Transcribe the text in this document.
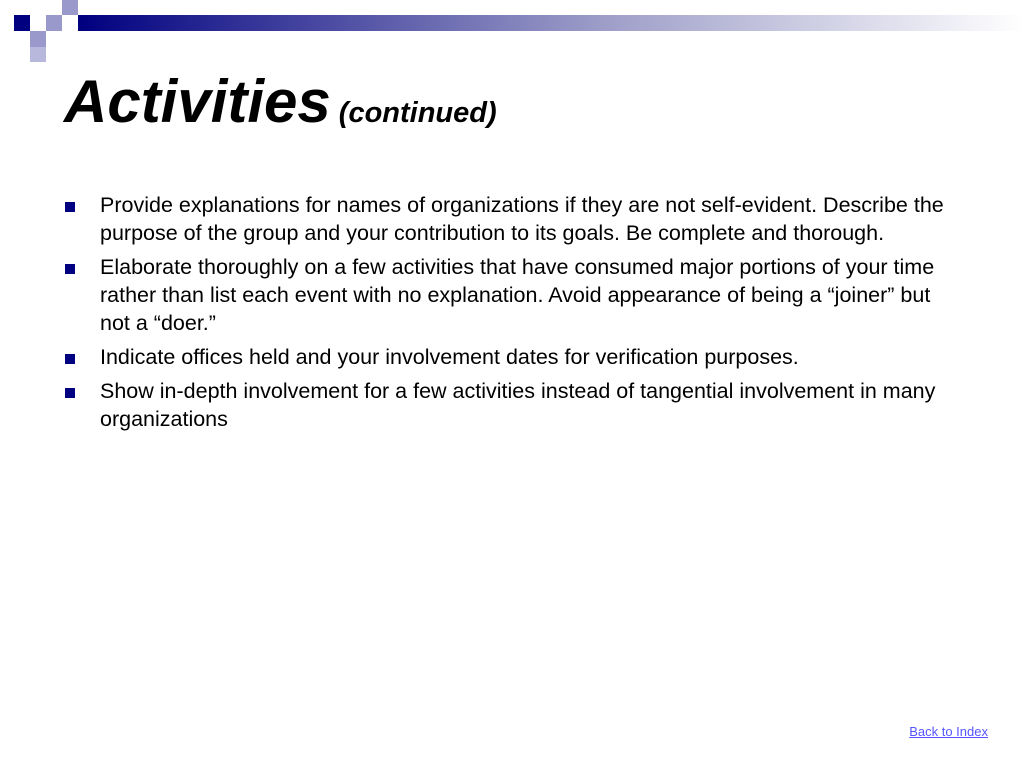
Activities (continued)
Provide explanations for names of organizations if they are not self-evident. Describe the purpose of the group and your contribution to its goals. Be complete and thorough.
Elaborate thoroughly on a few activities that have consumed major portions of your time rather than list each event with no explanation. Avoid appearance of being a “joiner” but not a “doer.”
Indicate offices held and your involvement dates for verification purposes.
Show in-depth involvement for a few activities instead of tangential involvement in many organizations
Back to Index
